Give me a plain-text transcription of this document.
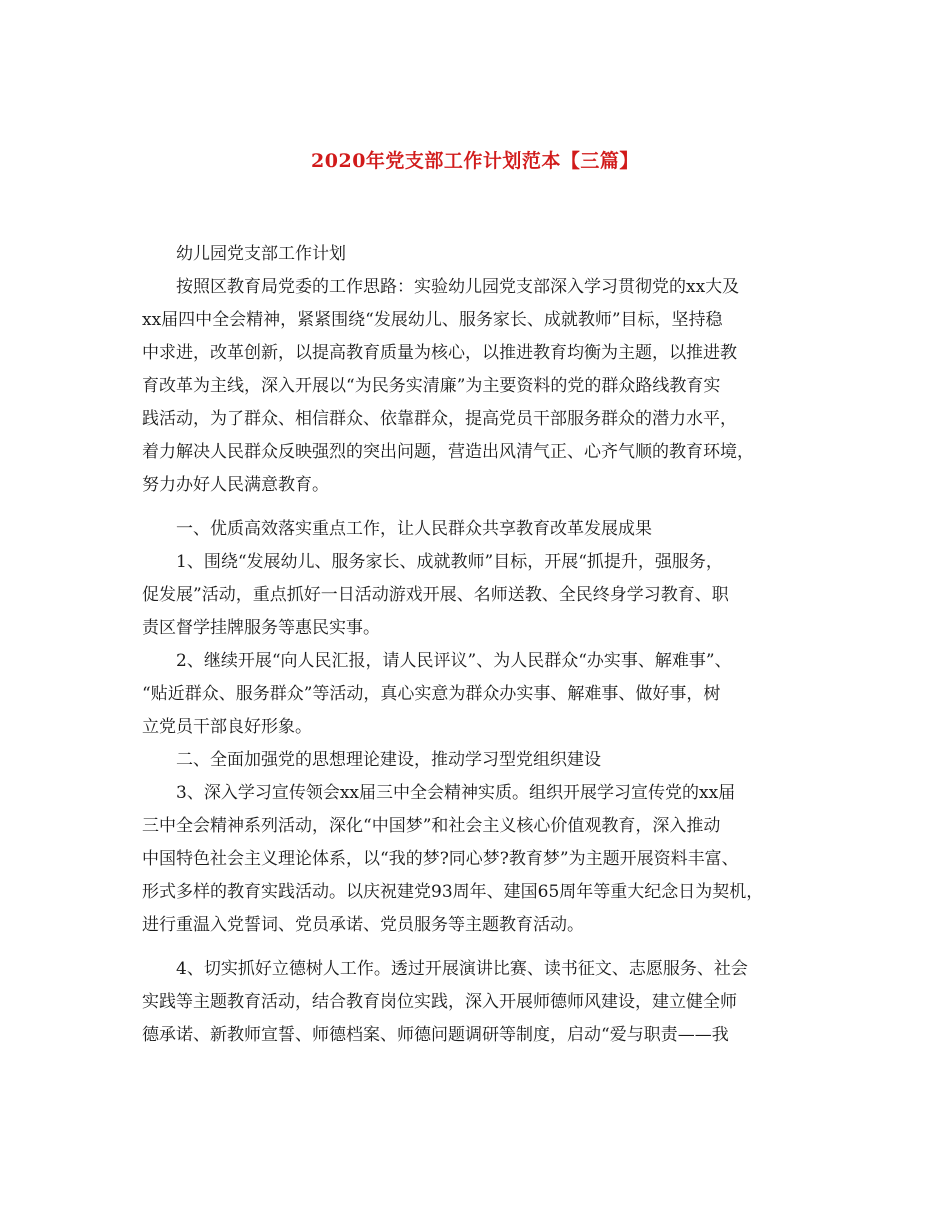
2020年党支部工作计划范本【三篇】
幼儿园党支部工作计划
按照区教育局党委的工作思路：实验幼儿园党支部深入学习贯彻党的xx大及
xx届四中全会精神，紧紧围绕“发展幼儿、服务家长、成就教师”目标，坚持稳
中求进，改革创新，以提高教育质量为核心，以推进教育均衡为主题，以推进教
育改革为主线，深入开展以“为民务实清廉”为主要资料的党的群众路线教育实
践活动，为了群众、相信群众、依靠群众，提高党员干部服务群众的潜力水平，
着力解决人民群众反映强烈的突出问题，营造出风清气正、心齐气顺的教育环境，
努力办好人民满意教育。
一、优质高效落实重点工作，让人民群众共享教育改革发展成果
1、围绕“发展幼儿、服务家长、成就教师”目标，开展“抓提升，强服务，
促发展”活动，重点抓好一日活动游戏开展、名师送教、全民终身学习教育、职
责区督学挂牌服务等惠民实事。
2、继续开展“向人民汇报，请人民评议”、为人民群众“办实事、解难事”、
“贴近群众、服务群众”等活动，真心实意为群众办实事、解难事、做好事，树
立党员干部良好形象。
二、全面加强党的思想理论建设，推动学习型党组织建设
3、深入学习宣传领会xx届三中全会精神实质。组织开展学习宣传党的xx届
三中全会精神系列活动，深化“中国梦”和社会主义核心价值观教育，深入推动
中国特色社会主义理论体系，以“我的梦?同心梦?教育梦”为主题开展资料丰富、
形式多样的教育实践活动。以庆祝建党93周年、建国65周年等重大纪念日为契机，
进行重温入党誓词、党员承诺、党员服务等主题教育活动。
4、切实抓好立德树人工作。透过开展演讲比赛、读书征文、志愿服务、社会
实践等主题教育活动，结合教育岗位实践，深入开展师德师风建设，建立健全师
德承诺、新教师宣誓、师德档案、师德问题调研等制度，启动“爱与职责——我
